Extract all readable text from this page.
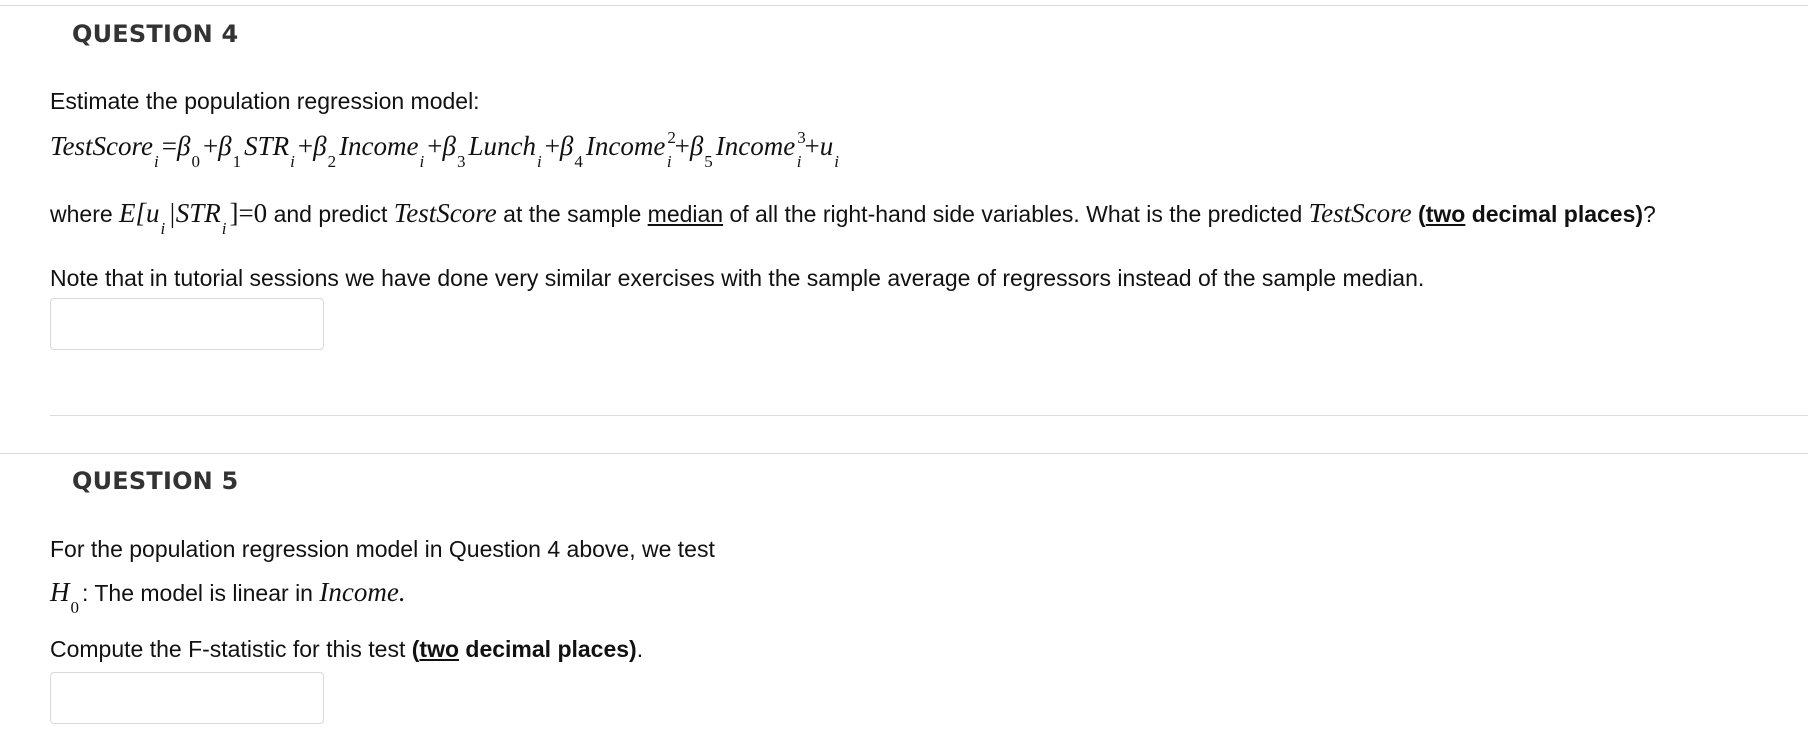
QUESTION 4
Estimate the population regression model:
$TestScore_i=\beta_0+\beta_1STR_i+\beta_2Income_i+\beta_3Lunch_i+\beta_4Income$ $^2_i+\beta_5Income$ $^3_i+u_i$
where $E[u_i|STR_i]=0$ and predict TestScore at the sample median of all the right-hand side variables. What is the predicted TestScore (two decimal places)?
Note that in tutorial sessions we have done very similar exercises with the sample average of regressors instead of the sample median.
QUESTION 5
For the population regression model in Question 4 above, we test
$H_0$: The model is linear in Income.
Compute the F-statistic for this test (two decimal places).
